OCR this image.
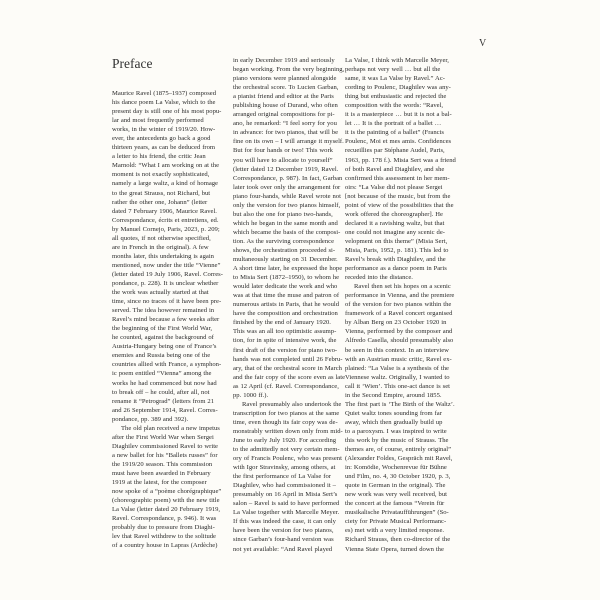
V
Preface
Maurice Ravel (1875–1937) composed
his dance poem La Valse, which to the
present day is still one of his most popu-
lar and most frequently performed
works, in the winter of 1919/20. How-
ever, the antecedents go back a good
thirteen years, as can be deduced from
a letter to his friend, the critic Jean
Marnold: “What I am working on at the
moment is not exactly sophisticated,
namely a large waltz, a kind of homage
to the great Strauss, not Richard, but
rather the other one, Johann” (letter
dated 7 February 1906, Maurice Ravel.
Correspondance, écrits et entretiens, ed.
by Manuel Cornejo, Paris, 2023, p. 209;
all quotes, if not otherwise specified,
are in French in the original). A few
months later, this undertaking is again
mentioned, now under the title “Vienne”
(letter dated 19 July 1906, Ravel. Corres-
pondance, p. 228). It is unclear whether
the work was actually started at that
time, since no traces of it have been pre-
served. The idea however remained in
Ravel’s mind because a few weeks after
the beginning of the First World War,
he counted, against the background of
Austria-Hungary being one of France’s
enemies and Russia being one of the
countries allied with France, a symphon-
ic poem entitled “Vienna” among the
works he had commenced but now had
to break off – he could, after all, not
rename it “Petrograd” (letters from 21
and 26 September 1914, Ravel. Corres-
pondance, pp. 389 and 392).
The old plan received a new impetus
after the First World War when Sergei
Diaghilev commissioned Ravel to write
a new ballet for his “Ballets russes” for
the 1919/20 season. This commission
must have been awarded in February
1919 at the latest, for the composer
now spoke of a “poème chorégraphique”
(choreographic poem) with the new title
La Valse (letter dated 20 February 1919,
Ravel. Correspondance, p. 946). It was
probably due to pressure from Diaghi-
lev that Ravel withdrew to the solitude
of a country house in Lapras (Ardèche)
in early December 1919 and seriously
began working. From the very beginning,
piano versions were planned alongside
the orchestral score. To Lucien Garban,
a pianist friend and editor at the Paris
publishing house of Durand, who often
arranged original compositions for pi-
ano, he remarked: “I feel sorry for you
in advance: for two pianos, that will be
fine on its own – I will arrange it myself.
But for four hands or two! This work
you will have to allocate to yourself”
(letter dated 12 December 1919, Ravel.
Correspondance, p. 987). In fact, Garban
later took over only the arrangement for
piano four-hands, while Ravel wrote not
only the version for two pianos himself,
but also the one for piano two-hands,
which he began in the same month and
which became the basis of the composi-
tion. As the surviving correspondence
shows, the orchestration proceeded si-
multaneously starting on 31 December.
A short time later, he expressed the hope
to Misia Sert (1872–1950), to whom he
would later dedicate the work and who
was at that time the muse and patron of
numerous artists in Paris, that he would
have the composition and orchestration
finished by the end of January 1920.
This was an all too optimistic assump-
tion, for in spite of intensive work, the
first draft of the version for piano two-
hands was not completed until 26 Febru-
ary, that of the orchestral score in March
and the fair copy of the score even as late
as 12 April (cf. Ravel. Correspondance,
pp. 1000 ff.).
Ravel presumably also undertook the
transcription for two pianos at the same
time, even though its fair copy was de-
monstrably written down only from mid-
June to early July 1920. For according
to the admittedly not very certain mem-
ory of Francis Poulenc, who was present
with Igor Stravinsky, among others, at
the first performance of La Valse for
Diaghilev, who had commissioned it –
presumably on 16 April in Misia Sert’s
salon – Ravel is said to have performed
La Valse together with Marcelle Meyer.
If this was indeed the case, it can only
have been the version for two pianos,
since Garban’s four-hand version was
not yet available: “And Ravel played
La Valse, I think with Marcelle Meyer,
perhaps not very well … but all the
same, it was La Valse by Ravel.” Ac-
cording to Poulenc, Diaghilev was any-
thing but enthusiastic and rejected the
composition with the words: “Ravel,
it is a masterpiece … but it is not a bal-
let … It is the portrait of a ballet …
it is the painting of a ballet” (Francis
Poulenc, Moi et mes amis. Confidences
recueillies par Stéphane Audel, Paris,
1963, pp. 178 f.). Misia Sert was a friend
of both Ravel and Diaghilev, and she
confirmed this assessment in her mem-
oirs: “La Valse did not please Sergei
[not because of the music, but from the
point of view of the possibilities that the
work offered the choreographer]. He
declared it a ravishing waltz, but that
one could not imagine any scenic de-
velopment on this theme” (Misia Sert,
Misia, Paris, 1952, p. 181). This led to
Ravel’s break with Diaghilev, and the
performance as a dance poem in Paris
receded into the distance.
Ravel then set his hopes on a scenic
performance in Vienna, and the premiere
of the version for two pianos within the
framework of a Ravel concert organised
by Alban Berg on 23 October 1920 in
Vienna, performed by the composer and
Alfredo Casella, should presumably also
be seen in this context. In an interview
with an Austrian music critic, Ravel ex-
plained: “La Valse is a synthesis of the
Viennese waltz. Originally, I wanted to
call it ‘Wien’. This one-act dance is set
in the Second Empire, around 1855.
The first part is ‘The Birth of the Waltz’.
Quiet waltz tones sounding from far
away, which then gradually build up
to a paroxysm. I was inspired to write
this work by the music of Strauss. The
themes are, of course, entirely original”
(Alexander Foldes, Gespräch mit Ravel,
in: Komödie, Wochenrevue für Bühne
und Film, no. 4, 30 October 1920, p. 3,
quote in German in the original). The
new work was very well received, but
the concert at the famous “Verein für
musikalische Privataufführungen” (So-
ciety for Private Musical Performanc-
es) met with a very limited response.
Richard Strauss, then co-director of the
Vienna State Opera, turned down the
